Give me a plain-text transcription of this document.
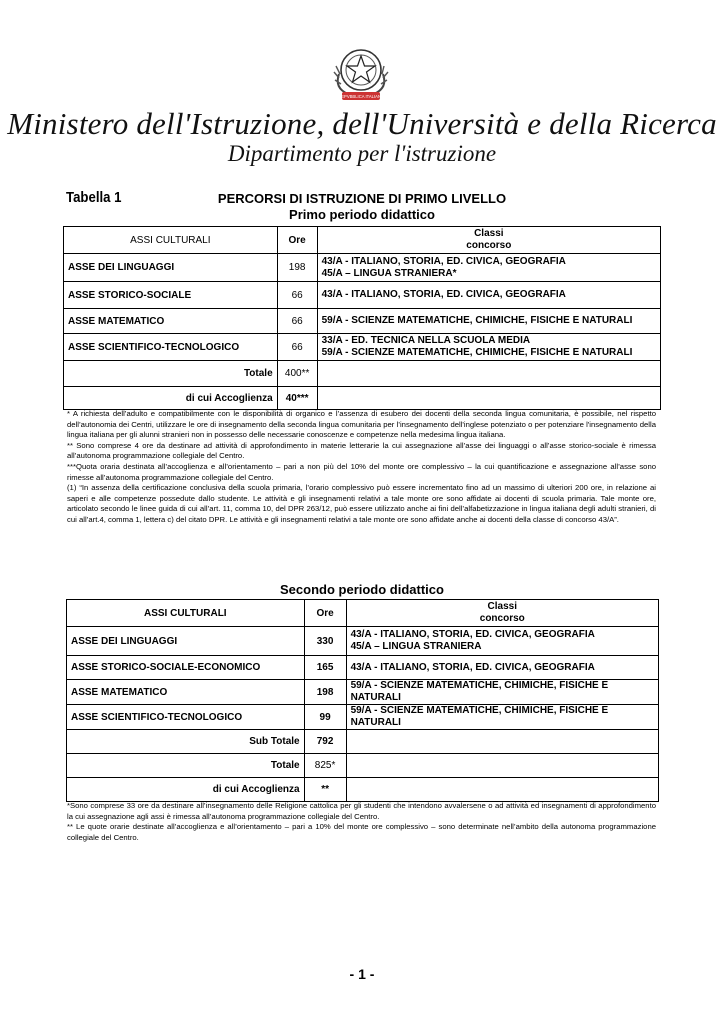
REPVBBLICA ITALIANA
Ministero dell'Istruzione, dell'Università e della Ricerca
Dipartimento per l'istruzione
Tabella 1	PERCORSI DI ISTRUZIONE DI PRIMO LIVELLO
Primo periodo didattico
ASSI CULTURALI	Ore	Classi
concorso

ASSE DEI LINGUAGGI	198	43/A - ITALIANO, STORIA, ED. CIVICA, GEOGRAFIA
45/A – LINGUA STRANIERA*

ASSE STORICO-SOCIALE	66	43/A - ITALIANO, STORIA, ED. CIVICA, GEOGRAFIA

ASSE MATEMATICO	66	59/A - SCIENZE MATEMATICHE, CHIMICHE, FISICHE E NATURALI

ASSE SCIENTIFICO-TECNOLOGICO	66	33/A - ED. TECNICA NELLA SCUOLA MEDIA
59/A - SCIENZE MATEMATICHE, CHIMICHE, FISICHE E NATURALI

Totale	400**	
di cui Accoglienza	40***	

* A richiesta dell’adulto e compatibilmente con le disponibilità di organico e l’assenza di esubero dei docenti della seconda lingua comunitaria, è possibile, nel rispetto dell’autonomia dei Centri, utilizzare le ore di insegnamento della seconda lingua comunitaria per l’insegnamento dell'inglese potenziato o per potenziare l'insegnamento della lingua italiana per gli alunni stranieri non in possesso delle necessarie conoscenze e competenze nella medesima lingua italiana.

** Sono comprese 4 ore da destinare ad attività di approfondimento in materie letterarie la cui assegnazione all’asse dei linguaggi o all’asse storico-sociale è rimessa all’autonoma programmazione collegiale del Centro.

***Quota oraria destinata all’accoglienza e all’orientamento – pari a non più del 10% del monte ore complessivo – la cui quantificazione e assegnazione all’asse sono rimesse all’autonoma programmazione collegiale del Centro.

(1) “In assenza della certificazione conclusiva della scuola primaria, l’orario complessivo può essere incrementato fino ad un massimo di ulteriori 200 ore, in relazione ai saperi e alle competenze possedute dallo studente. Le attività e gli insegnamenti relativi a tale monte ore sono affidate ai docenti di scuola primaria. Tale monte ore, articolato secondo le linee guida di cui all’art. 11, comma 10, del DPR 263/12, può essere utilizzato anche ai fini dell’alfabetizzazione in lingua italiana degli adulti stranieri, di cui all’art.4, comma 1, lettera c) del citato DPR. Le attività e gli insegnamenti relativi a tale monte ore sono affidate anche ai docenti della classe di concorso 43/A”.

Secondo periodo didattico
ASSI CULTURALI	Ore	Classi
concorso

ASSE DEI LINGUAGGI	330	43/A - ITALIANO, STORIA, ED. CIVICA, GEOGRAFIA
45/A – LINGUA STRANIERA

ASSE STORICO-SOCIALE-ECONOMICO	165	43/A - ITALIANO, STORIA, ED. CIVICA, GEOGRAFIA

ASSE MATEMATICO	198	59/A - SCIENZE MATEMATICHE, CHIMICHE, FISICHE E NATURALI

ASSE SCIENTIFICO-TECNOLOGICO	99	59/A - SCIENZE MATEMATICHE, CHIMICHE, FISICHE E NATURALI

Sub Totale	792	
Totale	825*	
di cui Accoglienza	**	

*Sono comprese 33 ore da destinare all’insegnamento delle Religione cattolica per gli studenti che intendono avvalersene o ad attività ed insegnamenti di approfondimento la cui assegnazione agli assi è rimessa all’autonoma programmazione collegiale del Centro.

** Le quote orarie destinate all’accoglienza e all’orientamento – pari a 10% del monte ore complessivo – sono determinate nell’ambito della autonoma programmazione collegiale del Centro.

- 1 -
